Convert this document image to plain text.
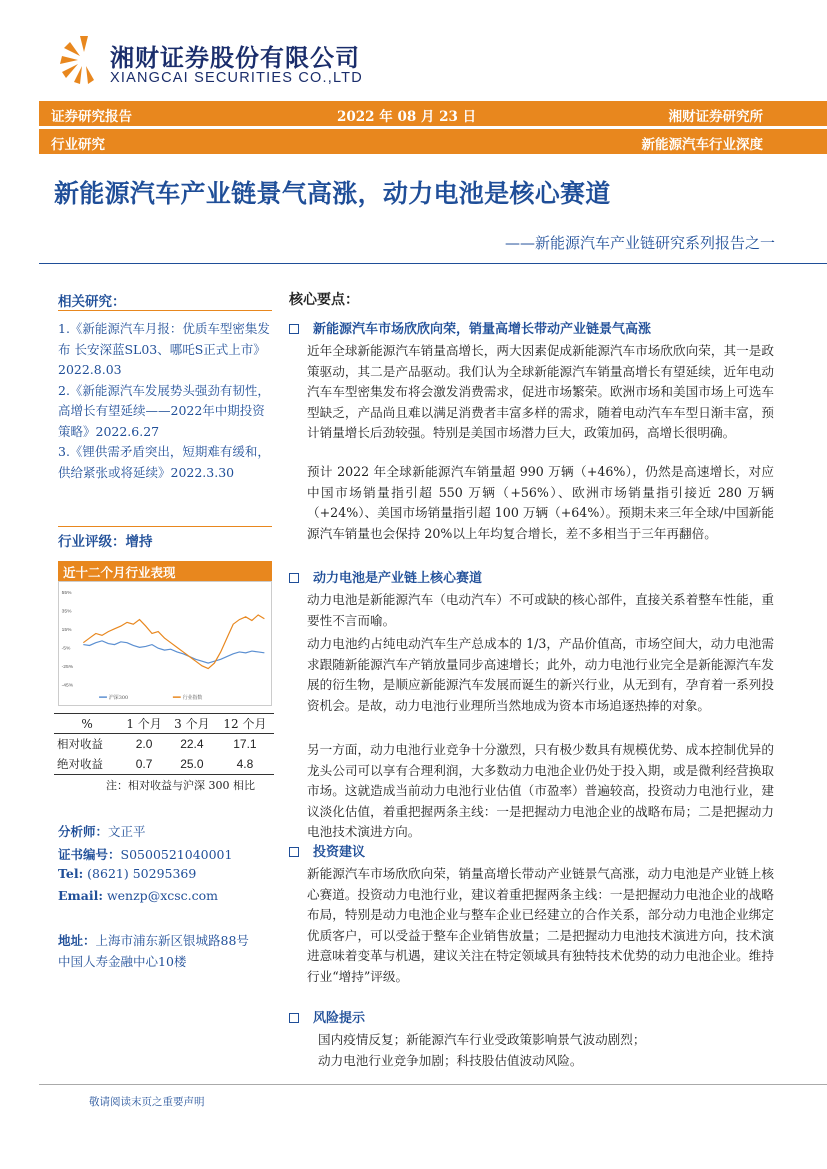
湘财证券股份有限公司
XIANGCAI SECURITIES CO.,LTD
证券研究报告	2022 年 08 月 23 日	湘财证券研究所
行业研究	新能源汽车行业深度
新能源汽车产业链景气高涨，动力电池是核心赛道
——新能源汽车产业链研究系列报告之一
相关研究：
1.《新能源汽车月报：优质车型密集发布 长安深蓝SL03、哪吒S正式上市》2022.8.03
2.《新能源汽车发展势头强劲有韧性，高增长有望延续——2022年中期投资策略》2022.6.27
3.《锂供需矛盾突出，短期难有缓和，供给紧张或将延续》2022.3.30
行业评级：增持
近十二个月行业表现
55%
35%
15%
-5%
-25%
-45%
沪深300	行业指数
%	1 个月	3 个月	12 个月
相对收益	2.0	22.4	17.1
绝对收益	0.7	25.0	4.8
注：相对收益与沪深 300 相比
分析师：文正平
证书编号：S0500521040001
Tel: (8621) 50295369
Email: wenzp@xcsc.com
地址：上海市浦东新区银城路88号
中国人寿金融中心10楼
核心要点：
新能源汽车市场欣欣向荣，销量高增长带动产业链景气高涨
近年全球新能源汽车销量高增长，两大因素促成新能源汽车市场欣欣向荣，其一是政策驱动，其二是产品驱动。我们认为全球新能源汽车销量高增长有望延续，近年电动汽车车型密集发布将会激发消费需求，促进市场繁荣。欧洲市场和美国市场上可选车型缺乏，产品尚且难以满足消费者丰富多样的需求，随着电动汽车车型日渐丰富，预计销量增长后劲较强。特别是美国市场潜力巨大，政策加码，高增长很明确。
预计 2022 年全球新能源汽车销量超 990 万辆（+46%），仍然是高速增长，对应中国市场销量指引超 550 万辆（+56%）、欧洲市场销量指引接近 280 万辆（+24%）、美国市场销量指引超 100 万辆（+64%）。预期未来三年全球/中国新能源汽车销量也会保持 20%以上年均复合增长，差不多相当于三年再翻倍。
动力电池是产业链上核心赛道
动力电池是新能源汽车（电动汽车）不可或缺的核心部件，直接关系着整车性能，重要性不言而喻。
动力电池约占纯电动汽车生产总成本的 1/3，产品价值高，市场空间大，动力电池需求跟随新能源汽车产销放量同步高速增长；此外，动力电池行业完全是新能源汽车发展的衍生物，是顺应新能源汽车发展而诞生的新兴行业，从无到有，孕育着一系列投资机会。是故，动力电池行业理所当然地成为资本市场追逐热捧的对象。
另一方面，动力电池行业竞争十分激烈，只有极少数具有规模优势、成本控制优异的龙头公司可以享有合理利润，大多数动力电池企业仍处于投入期，或是微利经营换取市场。这就造成当前动力电池行业估值（市盈率）普遍较高，投资动力电池行业，建议淡化估值，着重把握两条主线：一是把握动力电池企业的战略布局；二是把握动力电池技术演进方向。
投资建议
新能源汽车市场欣欣向荣，销量高增长带动产业链景气高涨，动力电池是产业链上核心赛道。投资动力电池行业，建议着重把握两条主线：一是把握动力电池企业的战略布局，特别是动力电池企业与整车企业已经建立的合作关系，部分动力电池企业绑定优质客户，可以受益于整车企业销售放量；二是把握动力电池技术演进方向，技术演进意味着变革与机遇，建议关注在特定领域具有独特技术优势的动力电池企业。维持行业“增持”评级。
风险提示
国内疫情反复；新能源汽车行业受政策影响景气波动剧烈；
动力电池行业竞争加剧；科技股估值波动风险。
敬请阅读末页之重要声明
